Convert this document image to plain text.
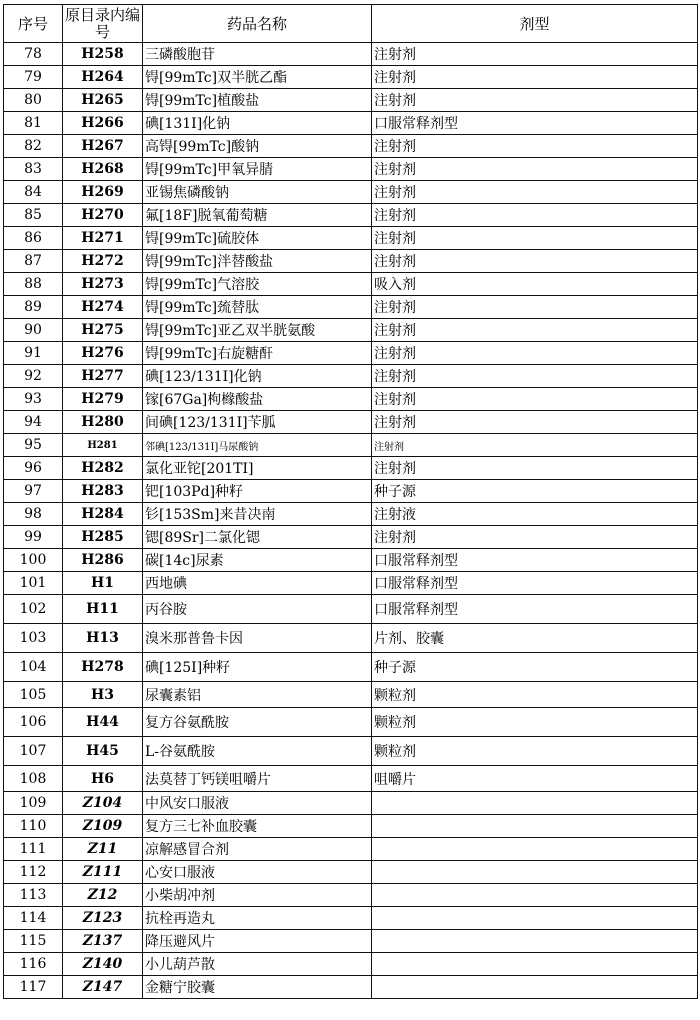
序号	原目录内编号	药品名称	剂型
78	H258	三磷酸胞苷	注射剂
79	H264	锝[99mTc]双半胱乙酯	注射剂
80	H265	锝[99mTc]植酸盐	注射剂
81	H266	碘[131I]化钠	口服常释剂型
82	H267	高锝[99mTc]酸钠	注射剂
83	H268	锝[99mTc]甲氧异腈	注射剂
84	H269	亚锡焦磷酸钠	注射剂
85	H270	氟[18F]脱氧葡萄糖	注射剂
86	H271	锝[99mTc]硫胶体	注射剂
87	H272	锝[99mTc]泮替酸盐	注射剂
88	H273	锝[99mTc]气溶胶	吸入剂
89	H274	锝[99mTc]巯替肽	注射剂
90	H275	锝[99mTc]亚乙双半胱氨酸	注射剂
91	H276	锝[99mTc]右旋糖酐	注射剂
92	H277	碘[123/131I]化钠	注射剂
93	H279	镓[67Ga]枸橼酸盐	注射剂
94	H280	间碘[123/131I]苄胍	注射剂
95	H281	邻碘[123/131I]马尿酸钠	注射剂
96	H282	氯化亚铊[201TI]	注射剂
97	H283	钯[103Pd]种籽	种子源
98	H284	钐[153Sm]来昔决南	注射液
99	H285	锶[89Sr]二氯化锶	注射剂
100	H286	碳[14c]尿素	口服常释剂型
101	H1	西地碘	口服常释剂型
102	H11	丙谷胺	口服常释剂型
103	H13	溴米那普鲁卡因	片剂、胶囊
104	H278	碘[125I]种籽	种子源
105	H3	尿囊素铝	颗粒剂
106	H44	复方谷氨酰胺	颗粒剂
107	H45	L-谷氨酰胺	颗粒剂
108	H6	法莫替丁钙镁咀嚼片	咀嚼片
109	Z104	中风安口服液	
110	Z109	复方三七补血胶囊	
111	Z11	凉解感冒合剂	
112	Z111	心安口服液	
113	Z12	小柴胡冲剂	
114	Z123	抗栓再造丸	
115	Z137	降压避风片	
116	Z140	小儿葫芦散	
117	Z147	金糖宁胶囊	
